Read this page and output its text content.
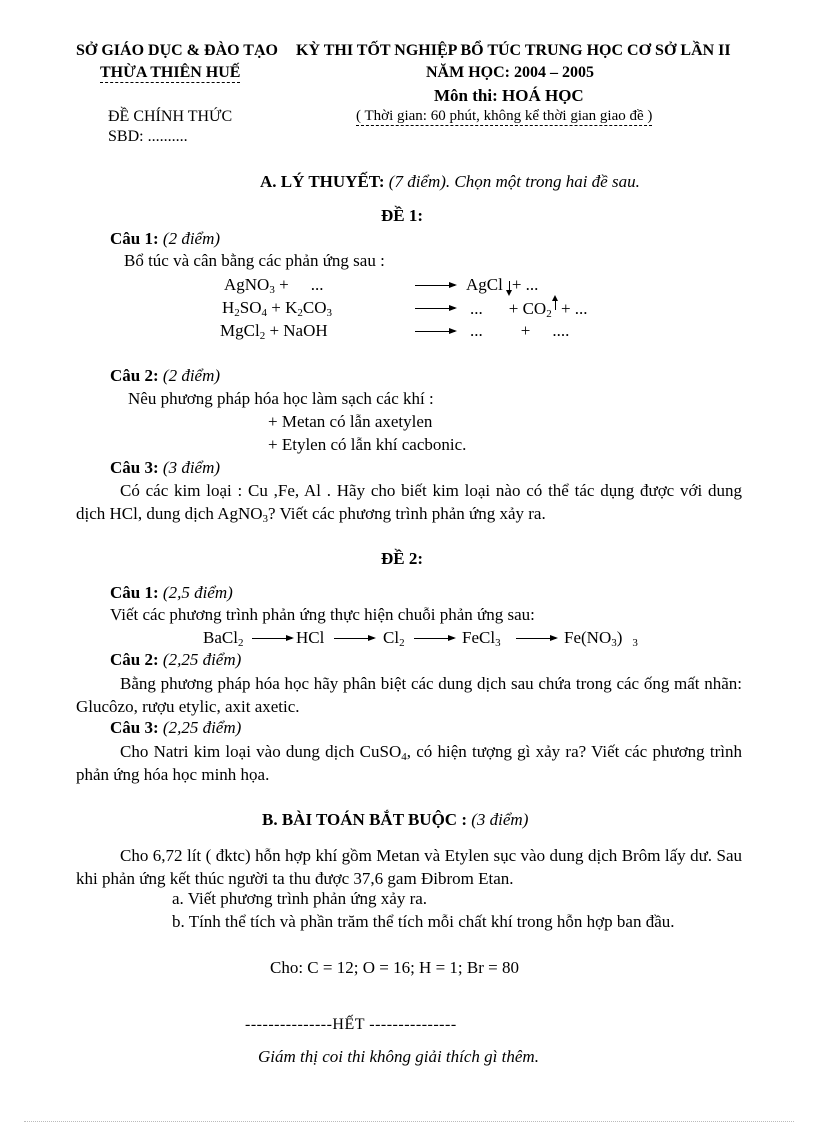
SỞ GIÁO DỤC & ĐÀO TẠO
THỪA THIÊN HUẾ
KỲ THI TỐT NGHIỆP BỔ TÚC TRUNG HỌC CƠ SỞ LẦN II
NĂM HỌC: 2004 – 2005
Môn thi: HOÁ HỌC
ĐỀ CHÍNH THỨC	( Thời gian: 60 phút, không kể thời gian giao đề )
SBD: ..........
A. LÝ THUYẾT: (7 điểm). Chọn một trong hai đề sau.
ĐỀ 1:
Câu 1: (2 điểm)
Bổ túc và cân bằng các phản ứng sau :
AgNO$_3$ + ...	→ AgCl + ...
$H_2SO_4 + K_2CO_3$	→ ... + $CO_2$ + ...
MgCl$_2$ + NaOH	→ ... + ....
Câu 2: (2 điểm)
Nêu phương pháp hóa học làm sạch các khí :
+ Metan có lẫn axetylen
+ Etylen có lẫn khí cacbonic.
Câu 3: (3 điểm)
Có các kim loại : Cu ,Fe, Al . Hãy cho biết kim loại nào có thể tác dụng được với dung dịch HCl, dung dịch AgNO$_3$? Viết các phương trình phản ứng xảy ra.
ĐỀ 2:
Câu 1: (2,5 điểm)
Viết các phương trình phản ứng thực hiện chuỗi phản ứng sau:
BaCl$_2$	HCl	$Cl_2$	FeCl$_3$	$Fe(NO_3)$ $_3$
Câu 2: (2,25 điểm)
Bằng phương pháp hóa học hãy phân biệt các dung dịch sau chứa trong các ống mất nhãn: Glucôzo, rượu etylic, axit axetic.
Câu 3: (2,25 điểm)
Cho Natri kim loại vào dung dịch CuSO$_4$, có hiện tượng gì xảy ra? Viết các phương trình phản ứng hóa học minh họa.
B. BÀI TOÁN BẮT BUỘC : (3 điểm)
Cho 6,72 lít ( đktc) hỗn hợp khí gồm Metan và Etylen sục vào dung dịch Brôm lấy dư. Sau khi phản ứng kết thúc người ta thu được 37,6 gam Đibrom Etan.
a. Viết phương trình phản ứng xảy ra.
b. Tính thể tích và phần trăm thể tích mỗi chất khí trong hỗn hợp ban đầu.
Cho: C = 12; O = 16; H = 1; Br = 80
---------------HẾT ---------------
Giám thị coi thi không giải thích gì thêm.
